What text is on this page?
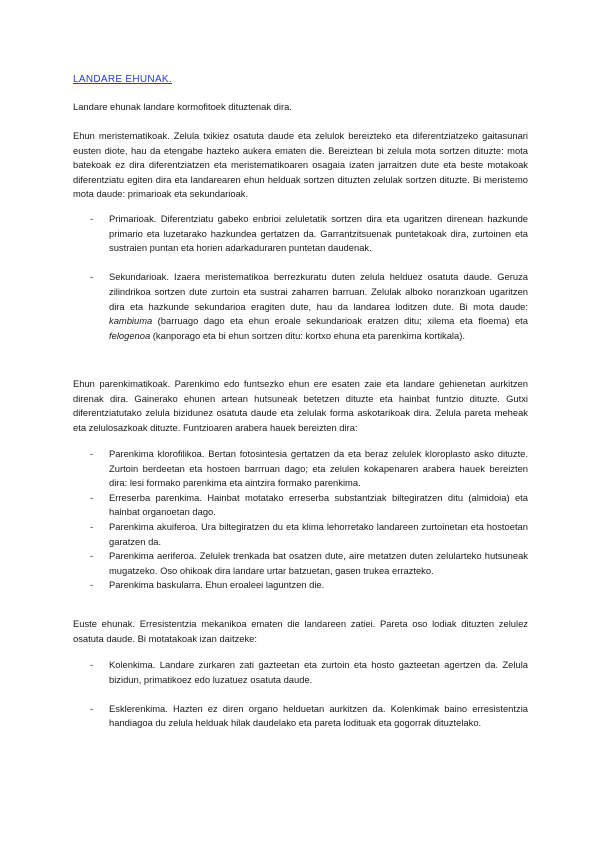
LANDARE EHUNAK.

Landare ehunak landare kormofitoek dituztenak dira.

Ehun meristematikoak. Zelula txikiez osatuta daude eta zelulok bereizteko eta diferentziatzeko gaitasunari eusten diote, hau da etengabe hazteko aukera ematen die. Bereiztean bi zelula mota sortzen dituzte: mota batekoak ez dira diferentziatzen eta meristematikoaren osagaia izaten jarraitzen dute eta beste motakoak diferentziatu egiten dira eta landarearen ehun helduak sortzen dituzten zelulak sortzen dituzte. Bi meristemo mota daude: primarioak eta sekundarioak.

- Primarioak. Diferentziatu gabeko enbrioi zeluletatik sortzen dira eta ugaritzen direnean hazkunde primario eta luzetarako hazkundea gertatzen da. Garrantzitsuenak puntetakoak dira, zurtoinen eta sustraien puntan eta horien adarkaduraren puntetan daudenak.
- Sekundarioak. Izaera meristematikoa berrezkuratu duten zelula helduez osatuta daude. Geruza zilindrikoa sortzen dute zurtoin eta sustrai zaharren barruan. Zelulak alboko noranzkoan ugaritzen dira eta hazkunde sekundarioa eragiten dute, hau da landarea loditzen dute. Bi mota daude: kambiuma (barruago dago eta ehun eroale sekundarioak eratzen ditu; xilema eta floema) eta felogenoa (kanporago eta bi ehun sortzen ditu: kortxo ehuna eta parenkima kortikala).

Ehun parenkimatikoak. Parenkimo edo funtsezko ehun ere esaten zaie eta landare gehienetan aurkitzen direnak dira. Gainerako ehunen artean hutsuneak betetzen dituzte eta hainbat funtzio dituzte. Gutxi diferentziatutako zelula bizidunez osatuta daude eta zelulak forma askotarikoak dira. Zelula pareta meheak eta zelulosazkoak dituzte. Funtzioaren arabera hauek bereizten dira:

- Parenkima klorofilikoa. Bertan fotosintesia gertatzen da eta beraz zelulek kloroplasto asko dituzte. Zurtoin berdeetan eta hostoen barrruan dago; eta zelulen kokapenaren arabera hauek bereizten dira: lesi formako parenkima eta aintzira formako parenkima.
- Erreserba parenkima. Hainbat motatako erreserba substantziak biltegiratzen ditu (almidoia) eta hainbat organoetan dago.
- Parenkima akuiferoa. Ura biltegiratzen du eta klima lehorretako landareen zurtoinetan eta hostoetan garatzen da.
- Parenkima aeriferoa. Zelulek trenkada bat osatzen dute, aire metatzen duten zelularteko hutsuneak mugatzeko. Oso ohikoak dira landare urtar batzuetan, gasen trukea errazteko.
- Parenkima baskularra. Ehun eroaleei laguntzen die.

Euste ehunak. Erresistentzia mekanikoa ematen die landareen zatiei. Pareta oso lodiak dituzten zelulez osatuta daude. Bi motatakoak izan daitzeke:

- Kolenkima. Landare zurkaren zati gazteetan eta zurtoin eta hosto gazteetan agertzen da. Zelula bizidun, primatikoez edo luzatuez osatuta daude.
- Esklerenkima. Hazten ez diren organo helduetan aurkitzen da. Kolenkimak baino erresistentzia handiagoa du zelula helduak hilak daudelako eta pareta lodituak eta gogorrak dituztelako.
